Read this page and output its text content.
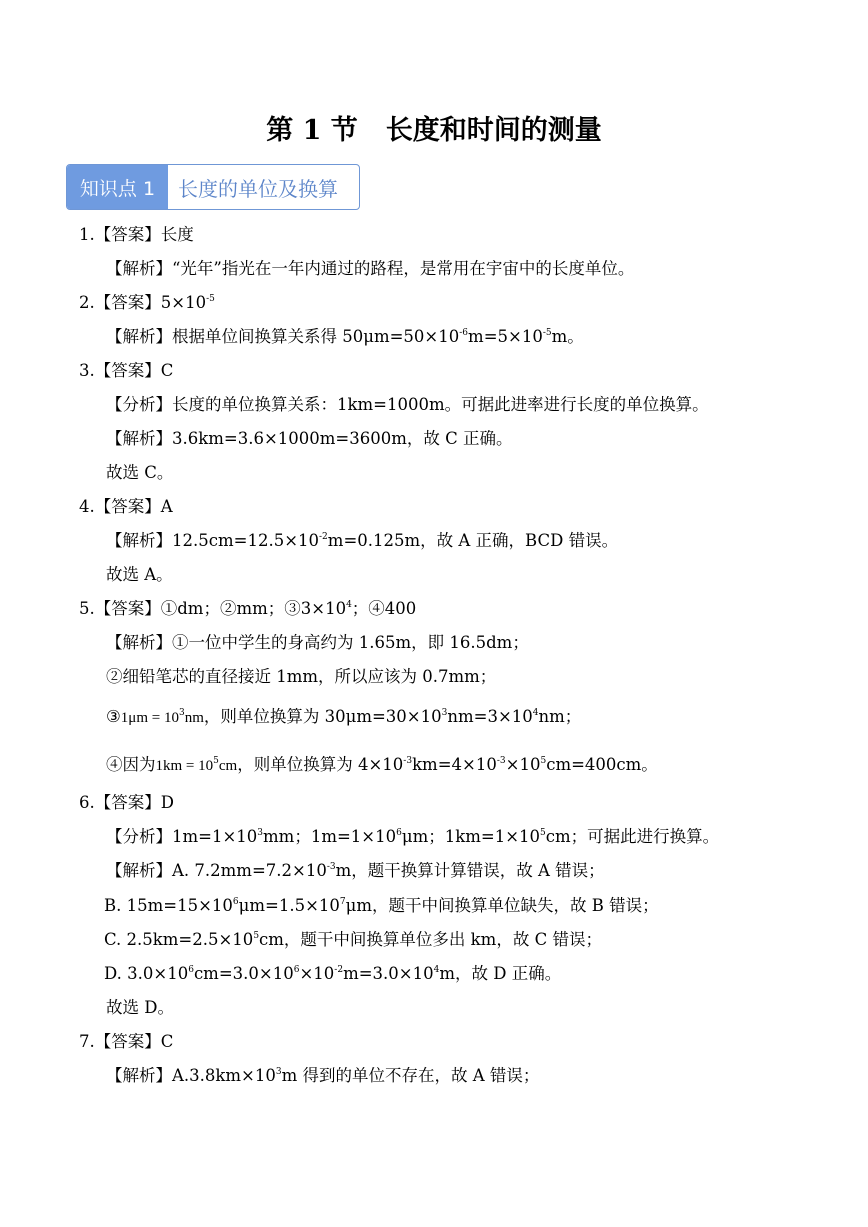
第 1 节 长度和时间的测量
知识点 1	长度的单位及换算
1.【答案】长度
【解析】“光年”指光在一年内通过的路程，是常用在宇宙中的长度单位。
2.【答案】$5\times 10^{-5}$
【解析】根据单位间换算关系得 $50\mu m=50\times 10^{-6}m=5\times 10^{-5}m$。
3.【答案】C
【分析】长度的单位换算关系：1km=1000m。可据此进率进行长度的单位换算。
【解析】3.6km=3.6×1000m=3600m，故 C 正确。
故选 C。
4.【答案】A
【解析】$12.5cm=12.5\times 10^{-2}m=0.125m$，故 A 正确，BCD 错误。
故选 A。
5.【答案】①dm；②mm；$③3\times 10^4$；④400
【解析】①一位中学生的身高约为 1.65m，即 16.5dm；
②细铅笔芯的直径接近 1mm，所以应该为 0.7mm；
③1μm = $10^3nm$，则单位换算为 $30\mu m=30\times 10^3nm=3\times 10^4nm$；
④因为$1km = 10^5cm$，则单位换算为 $4\times 10^{-3}km=4\times 10^{-3}\times 10^5cm=400cm$。
6.【答案】D
【分析】$1m=1\times 10^3mm$；$1m=1\times 10^6\mu m$；$1km=1\times 10^5cm$；可据此进行换算。
【解析】A. $7.2mm=7.2\times 10^{-3}m$，题干换算计算错误，故 A 错误；
B. $15m=15\times 10^6\mu m=1.5\times 10^7\mu m$，题干中间换算单位缺失，故 B 错误；
C. $2.5km=2.5\times 10^5cm$，题干中间换算单位多出 km，故 C 错误；
D. $3.0\times 10^6cm=3.0\times 10^6\times 10^{-2}m=3.0\times 10^4m$，故 D 正确。
故选 D。
7.【答案】C
【解析】$A.3.8km\times 10^3m$ 得到的单位不存在，故 A 错误；
